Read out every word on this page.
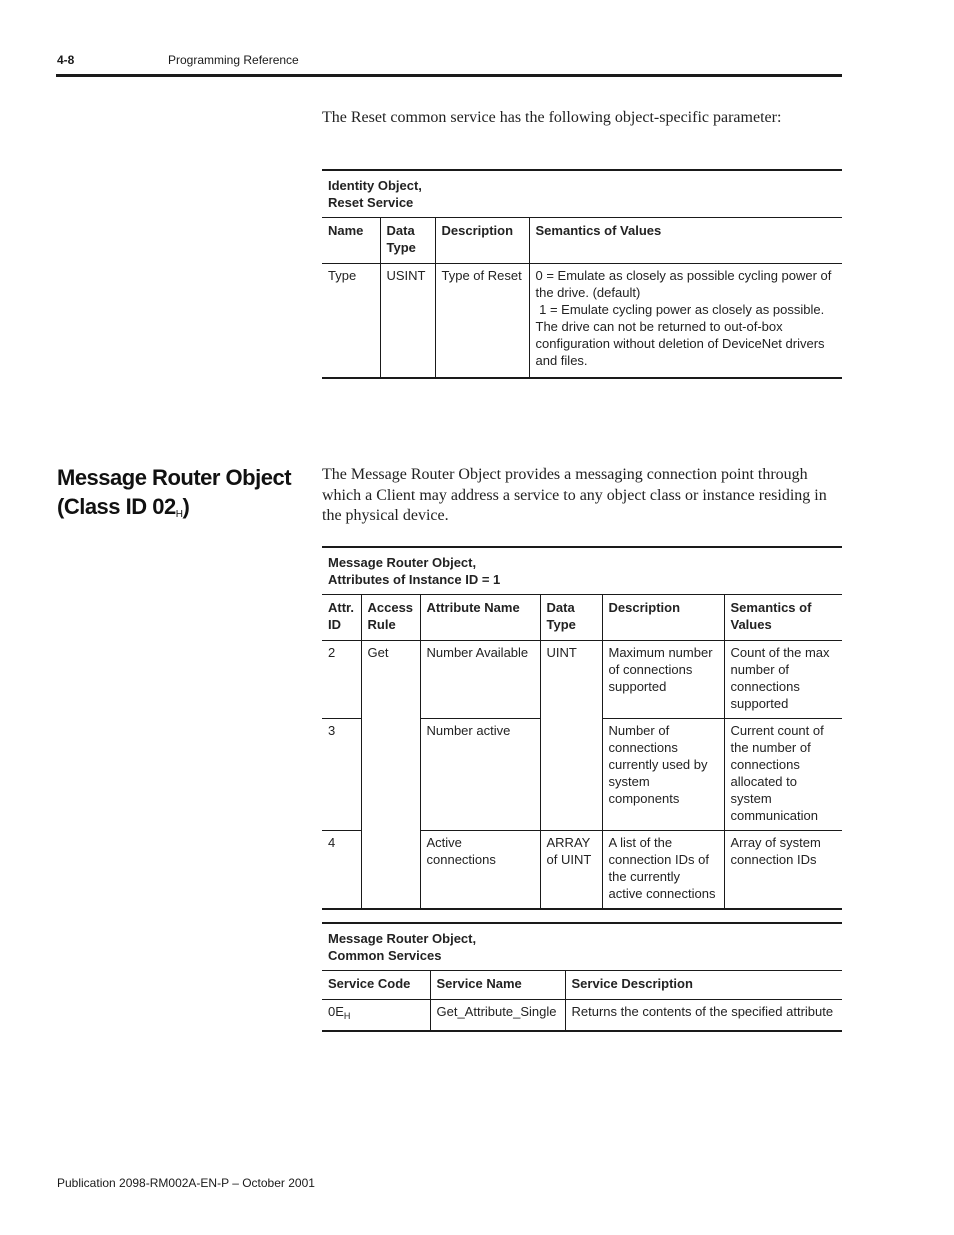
4-8	Programming Reference
The Reset common service has the following object-specific parameter:
Identity Object,
Reset Service			

Name	Data Type	Description	Semantics of Values
Type	USINT	Type of Reset	0 = Emulate as closely as possible cycling power of the drive. (default)
1 = Emulate cycling power as closely as possible. The drive can not be returned to out-of-box configuration without deletion of DeviceNet drivers and files.
Message Router Object
(Class ID $02_H$)
The Message Router Object provides a messaging connection point through which a Client may address a service to any object class or instance residing in the physical device.
Message Router Object,
Attributes of Instance ID = 1					

Attr. ID	Access Rule	Attribute Name	Data Type	Description	Semantics of Values
2	Get	Number Available	UINT	Maximum number of connections supported	Count of the max number of connections supported
3		Number active		Number of connections currently used by system components	Current count of the number of connections allocated to system communication
4		Active connections	ARRAY of UINT	A list of the connection IDs of the currently active connections	Array of system connection IDs
Message Router Object,
Common Services		

Service Code	Service Name	Service Description
$0E_H$	Get_Attribute_Single	Returns the contents of the specified attribute
Publication 2098-RM002A-EN-P – October 2001
